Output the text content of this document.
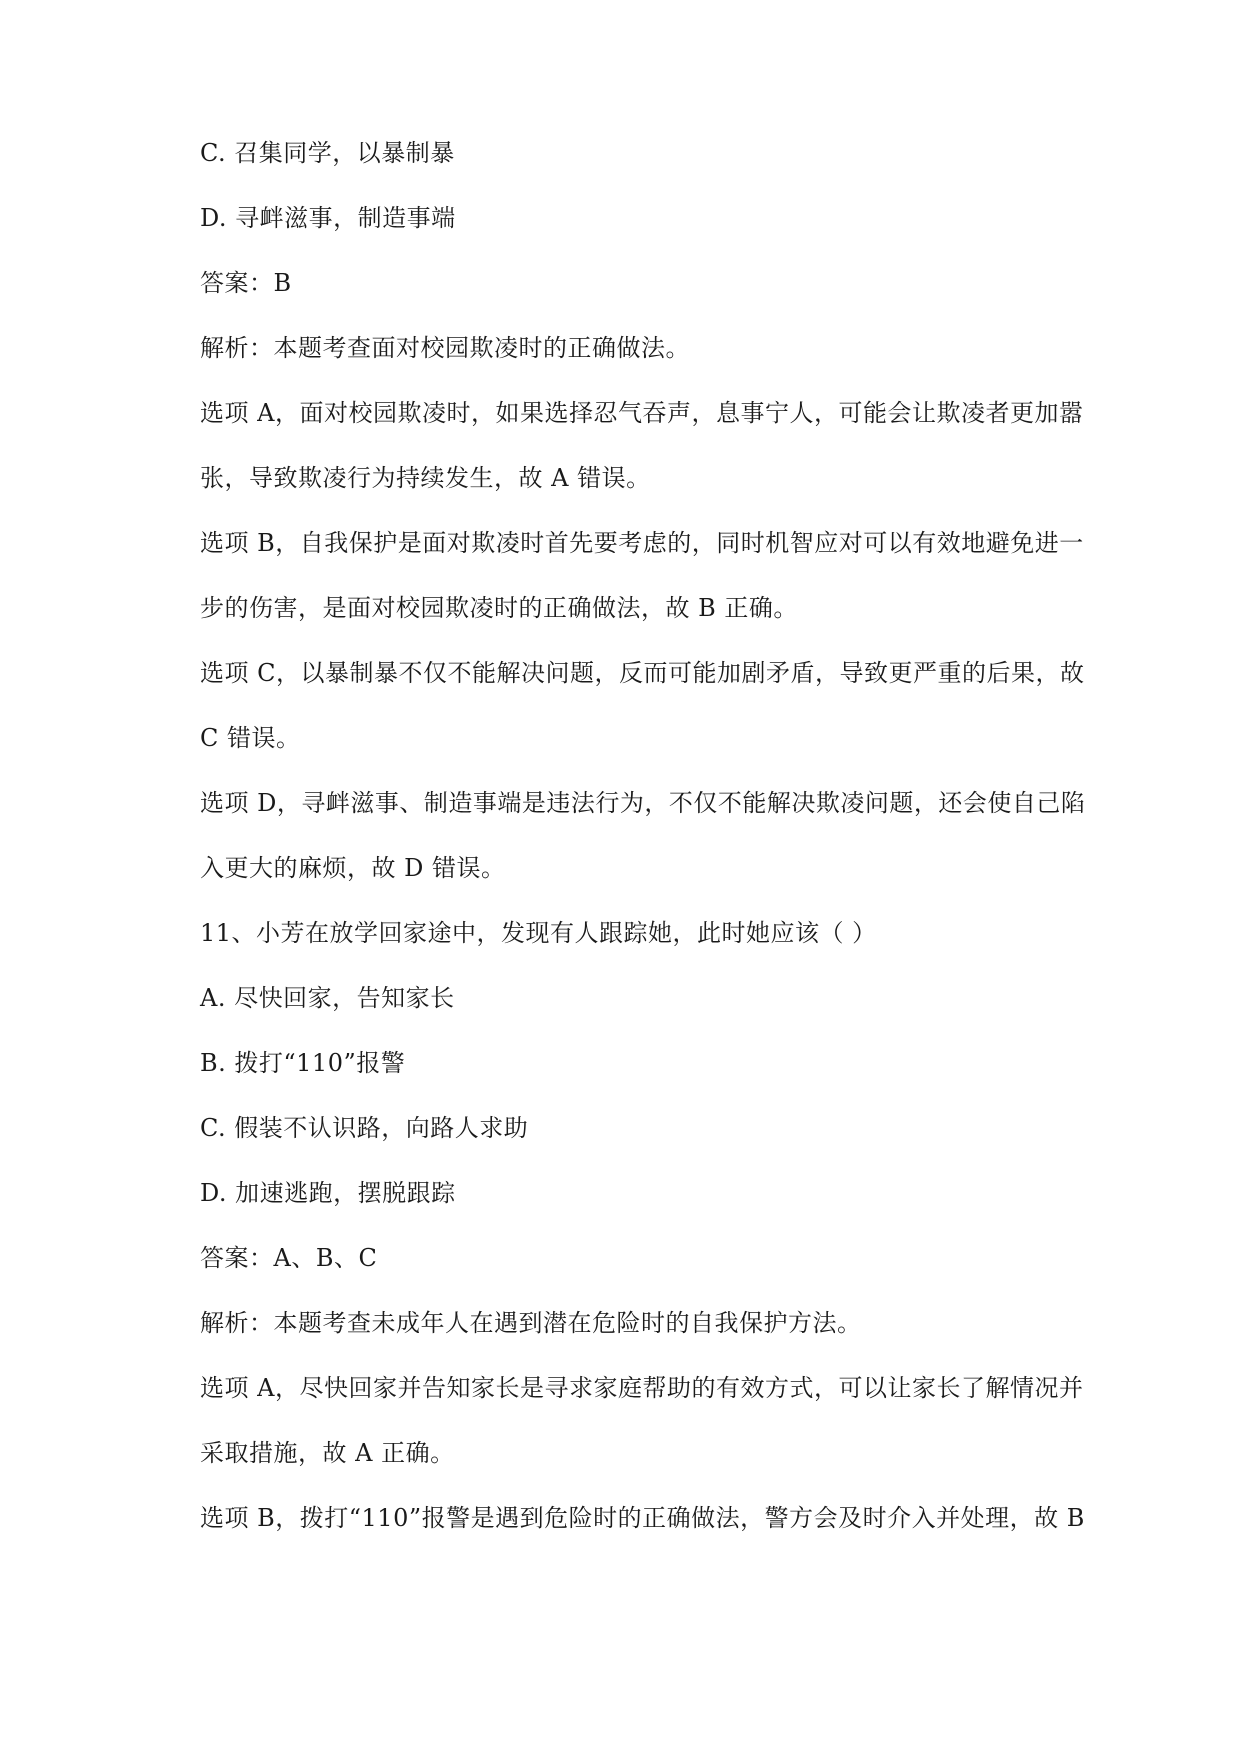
C. 召集同学，以暴制暴
D. 寻衅滋事，制造事端
答案：B
解析：本题考查面对校园欺凌时的正确做法。
选项 A，面对校园欺凌时，如果选择忍气吞声，息事宁人，可能会让欺凌者更加嚣
张，导致欺凌行为持续发生，故 A 错误。
选项 B，自我保护是面对欺凌时首先要考虑的，同时机智应对可以有效地避免进一
步的伤害，是面对校园欺凌时的正确做法，故 B 正确。
选项 C，以暴制暴不仅不能解决问题，反而可能加剧矛盾，导致更严重的后果，故
C 错误。
选项 D，寻衅滋事、制造事端是违法行为，不仅不能解决欺凌问题，还会使自己陷
入更大的麻烦，故 D 错误。
11、小芳在放学回家途中，发现有人跟踪她，此时她应该（ ）
A. 尽快回家，告知家长
B. 拨打“110”报警
C. 假装不认识路，向路人求助
D. 加速逃跑，摆脱跟踪
答案：A、B、C
解析：本题考查未成年人在遇到潜在危险时的自我保护方法。
选项 A，尽快回家并告知家长是寻求家庭帮助的有效方式，可以让家长了解情况并
采取措施，故 A 正确。
选项 B，拨打“110”报警是遇到危险时的正确做法，警方会及时介入并处理，故 B
